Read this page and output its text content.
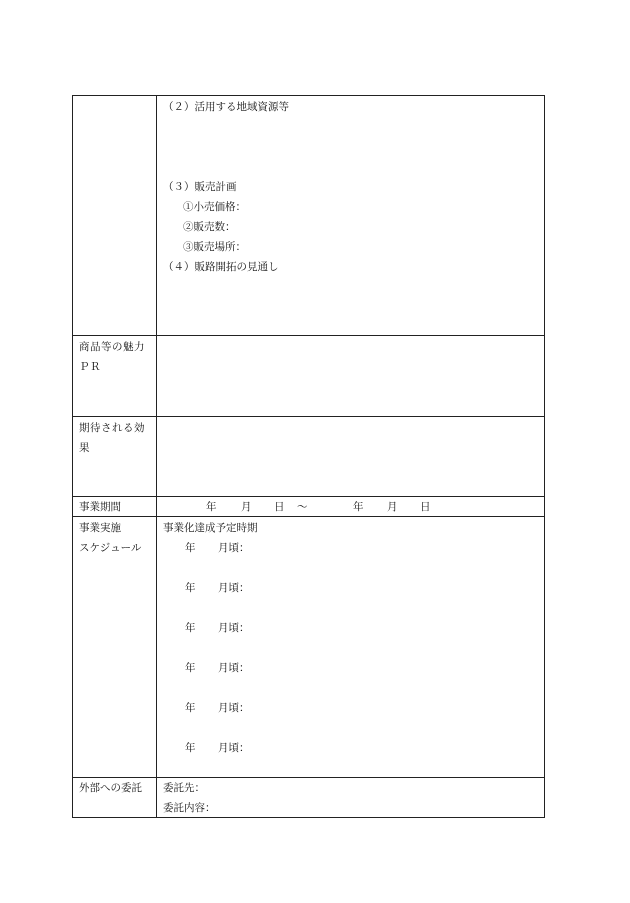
（２）活用する地域資源等
（３）販売計画
①小売価格：
②販売数：
③販売場所：
（４）販路開拓の見通し
商品等の魅力
ＰＲ
期待される効
果
事業期間	年 月 日 ～	年 月 日
事業実施
スケジュール
事業化達成予定時期
年 月頃：
年 月頃：
年 月頃：
年 月頃：
年 月頃：
年 月頃：
外部への委託 委託先：
委託内容：
